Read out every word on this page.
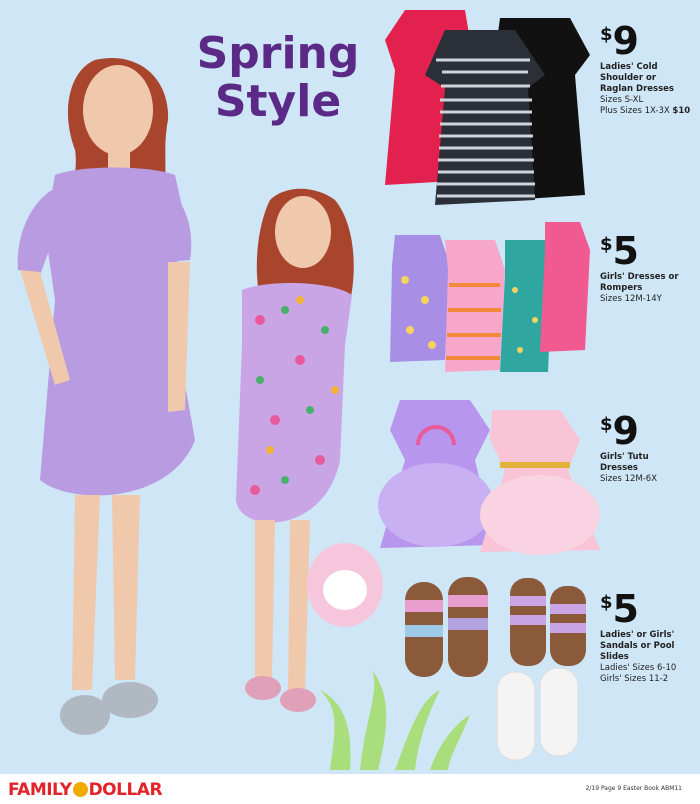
Spring
Style
$9
Ladies' Cold
Shoulder or
Raglan Dresses
Sizes S-XL
Plus Sizes 1X-3X $10
$5
Girls' Dresses or
Rompers
Sizes 12M-14Y
$9
Girls' Tutu
Dresses
Sizes 12M-6X
$5
Ladies' or Girls'
Sandals or Pool
Slides
Ladies' Sizes 6-10
Girls' Sizes 11-2
FAMILY DOLLAR	2/19 Page 9 Easter Book ABM11
